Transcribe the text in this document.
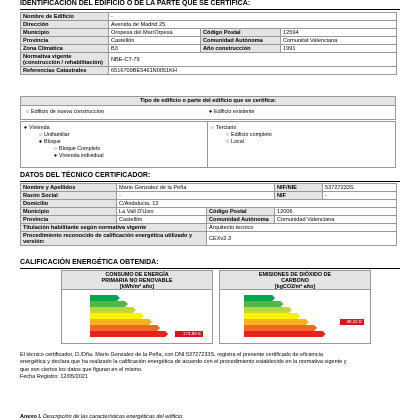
IDENTIFICACIÓN DEL EDIFICIO O DE LA PARTE QUE SE CERTIFICA:
Nombre de Edificio	-		
Dirección	Avenida de Madrid 25		
Municipio	Oropesa del Mar/Orpesa	Código Postal	12594
Provincia	Castellón	Comunidad Autónoma	Comunitat Valenciana
Zona Climática	B3	Año construcción	1991
Normativa vigente (construcción / rehabilitación)	NBE-CT-79		
Referencias Catastrales	6516709BE5461N0051KH		
Tipo de edificio o parte del edificio que se certifica:
○ Edificio de nueva construccion	● Edificio existente
● Vivienda
○ Unifamiliar
● Bloque
○ Bloque Completo
● Vivienda individual
○ Terciario
○ Edificio completo
○ Local
DATOS DEL TÉCNICO CERTIFICADOR:
Nombre y Apellidos	Mario Gonzalez de la Peña		NIF/NIE	53727233S
Razón Social	-		NIF	-
Domicilio	C/Andalucia, 12			
Municipio	La Vall D'Uixo	Código Postal	12006	
Provincia	Castellón	Comunidad Autónoma	Comunidad Valenciana	
Titulación habilitante según normativa vigente		Arquitecto tecnico		
Procedimiento reconocido de calificación energética utilizado y versión:		CEXv2.3		
CALIFICACIÓN ENERGÉTICA OBTENIDA:
CONSUMO DE ENERGÍA
PRIMARIA NO RENOVABLE
[kWh/m² año]
173,86 E
EMISIONES DE DIÓXIDO DE
CARBONO
[kgCO2/m² año]
38,32 E
El técnico certificador, D./Dña. Mario Gonzalez de la Peña, con DNI 53727233S, registra el presente certificado de eficiencia
energética y declara que ha realizado la calificación energética de acuerdo con el procedimiento establecido en la normativa vigente y
que son ciertos los datos que figuran en el mismo.
Fecha Registro: 12/05/2021
Anexo I. Descripción de las características energéticas del edificio.
